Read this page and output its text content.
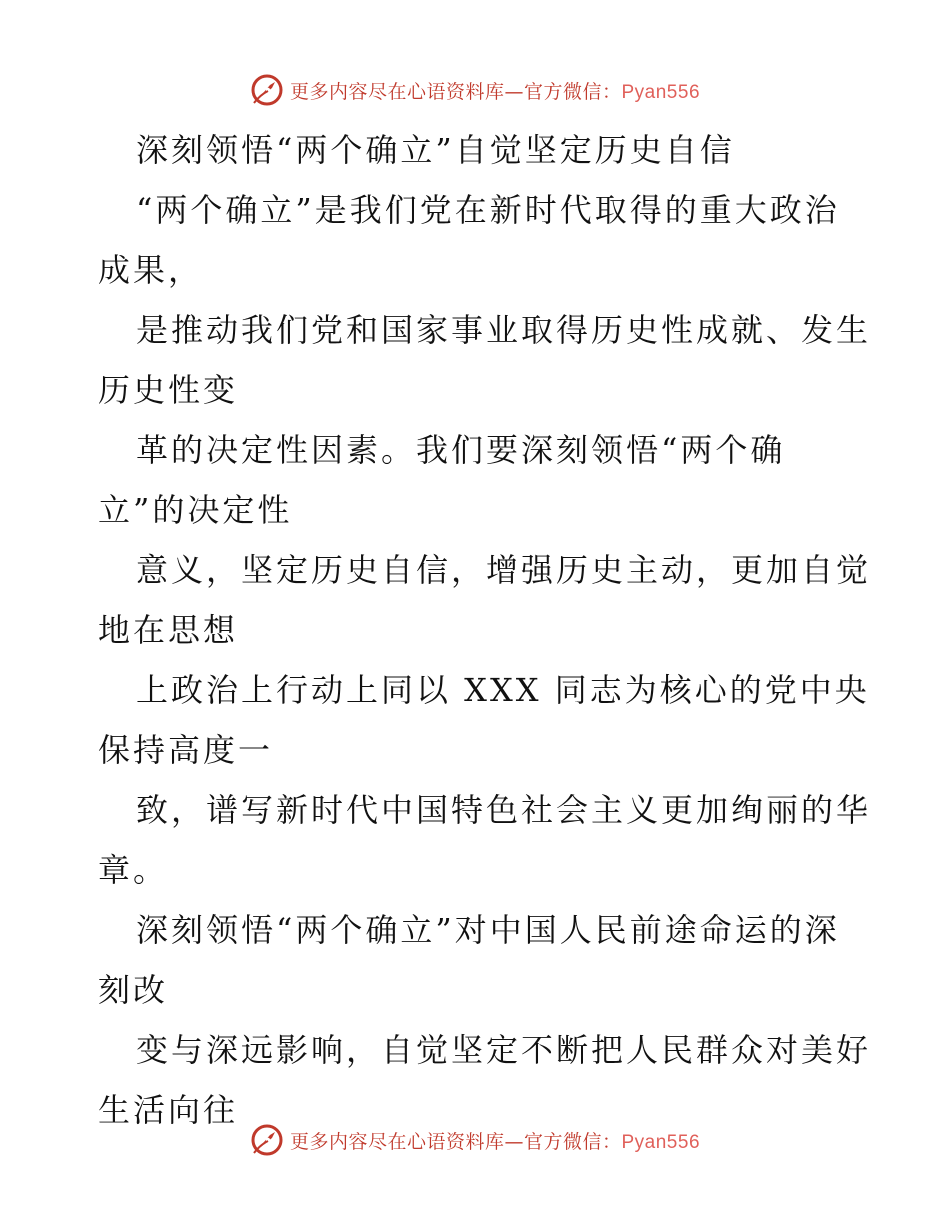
更多内容尽在心语资料库—官方微信：Pyan556
深刻领悟“两个确立”自觉坚定历史自信
“两个确立”是我们党在新时代取得的重大政治
成果，
是推动我们党和国家事业取得历史性成就、发生
历史性变
革的决定性因素。我们要深刻领悟“两个确
立”的决定性
意义，坚定历史自信，增强历史主动，更加自觉
地在思想
上政治上行动上同以 XXX 同志为核心的党中央
保持高度一
致，谱写新时代中国特色社会主义更加绚丽的华
章。
深刻领悟“两个确立”对中国人民前途命运的深
刻改
变与深远影响，自觉坚定不断把人民群众对美好
生活向往
更多内容尽在心语资料库—官方微信：Pyan556
